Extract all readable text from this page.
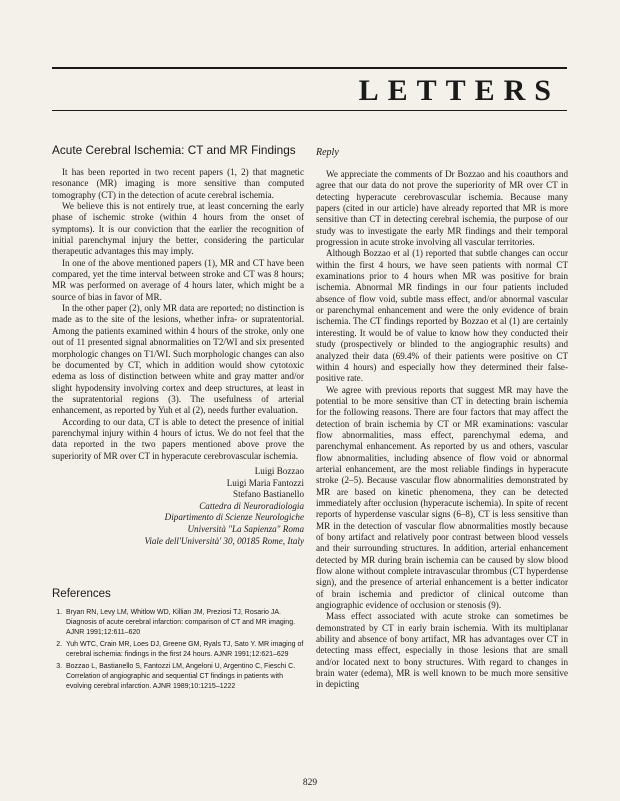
LETTERS
Acute Cerebral Ischemia: CT and MR Findings

It has been reported in two recent papers (1, 2) that magnetic resonance (MR) imaging is more sensitive than computed tomography (CT) in the detection of acute cerebral ischemia.

We believe this is not entirely true, at least concerning the early phase of ischemic stroke (within 4 hours from the onset of symptoms). It is our conviction that the earlier the recognition of initial parenchymal injury the better, considering the particular therapeutic advantages this may imply.

In one of the above mentioned papers (1), MR and CT have been compared, yet the time interval between stroke and CT was 8 hours; MR was performed on average of 4 hours later, which might be a source of bias in favor of MR.

In the other paper (2), only MR data are reported; no distinction is made as to the site of the lesions, whether infra- or supratentorial. Among the patients examined within 4 hours of the stroke, only one out of 11 presented signal abnormalities on T2/WI and six presented morphologic changes on T1/WI. Such morphologic changes can also be documented by CT, which in addition would show cytotoxic edema as loss of distinction between white and gray matter and/or slight hypodensity involving cortex and deep structures, at least in the supratentorial regions (3). The usefulness of arterial enhancement, as reported by Yuh et al (2), needs further evaluation.

According to our data, CT is able to detect the presence of initial parenchymal injury within 4 hours of ictus. We do not feel that the data reported in the two papers mentioned above prove the superiority of MR over CT in hyperacute cerebrovascular ischemia.

Luigi Bozzao
Luigi Maria Fantozzi
Stefano Bastianello
Cattedra di Neuroradiologia
Dipartimento di Scienze Neurologiche
Università "La Sapienza" Roma
Viale dell'Università' 30, 00185 Rome, Italy
References
1. Bryan RN, Levy LM, Whitlow WD, Killian JM, Preziosi TJ, Rosario JA. Diagnosis of acute cerebral infarction: comparison of CT and MR imaging. AJNR 1991;12:611–620
2. Yuh WTC, Crain MR, Loes DJ, Greene GM, Ryals TJ, Sato Y. MR imaging of cerebral ischemia: findings in the first 24 hours. AJNR 1991;12:621–629
3. Bozzao L, Bastianello S, Fantozzi LM, Angeloni U, Argentino C, Fieschi C. Correlation of angiographic and sequential CT findings in patients with evolving cerebral infarction. AJNR 1989;10:1215–1222
Reply

We appreciate the comments of Dr Bozzao and his coauthors and agree that our data do not prove the superiority of MR over CT in detecting hyperacute cerebrovascular ischemia. Because many papers (cited in our article) have already reported that MR is more sensitive than CT in detecting cerebral ischemia, the purpose of our study was to investigate the early MR findings and their temporal progression in acute stroke involving all vascular territories.

Although Bozzao et al (1) reported that subtle changes can occur within the first 4 hours, we have seen patients with normal CT examinations prior to 4 hours when MR was positive for brain ischemia. Abnormal MR findings in our four patients included absence of flow void, subtle mass effect, and/or abnormal vascular or parenchymal enhancement and were the only evidence of brain ischemia. The CT findings reported by Bozzao et al (1) are certainly interesting. It would be of value to know how they conducted their study (prospectively or blinded to the angiographic results) and analyzed their data (69.4% of their patients were positive on CT within 4 hours) and especially how they determined their false-positive rate.

We agree with previous reports that suggest MR may have the potential to be more sensitive than CT in detecting brain ischemia for the following reasons. There are four factors that may affect the detection of brain ischemia by CT or MR examinations: vascular flow abnormalities, mass effect, parenchymal edema, and parenchymal enhancement. As reported by us and others, vascular flow abnormalities, including absence of flow void or abnormal arterial enhancement, are the most reliable findings in hyperacute stroke (2–5). Because vascular flow abnormalities demonstrated by MR are based on kinetic phenomena, they can be detected immediately after occlusion (hyperacute ischemia). In spite of recent reports of hyperdense vascular signs (6–8), CT is less sensitive than MR in the detection of vascular flow abnormalities mostly because of bony artifact and relatively poor contrast between blood vessels and their surrounding structures. In addition, arterial enhancement detected by MR during brain ischemia can be caused by slow blood flow alone without complete intravascular thrombus (CT hyperdense sign), and the presence of arterial enhancement is a better indicator of brain ischemia and predictor of clinical outcome than angiographic evidence of occlusion or stenosis (9).

Mass effect associated with acute stroke can sometimes be demonstrated by CT in early brain ischemia. With its multiplanar ability and absence of bony artifact, MR has advantages over CT in detecting mass effect, especially in those lesions that are small and/or located next to bony structures. With regard to changes in brain water (edema), MR is well known to be much more sensitive in depicting

829
